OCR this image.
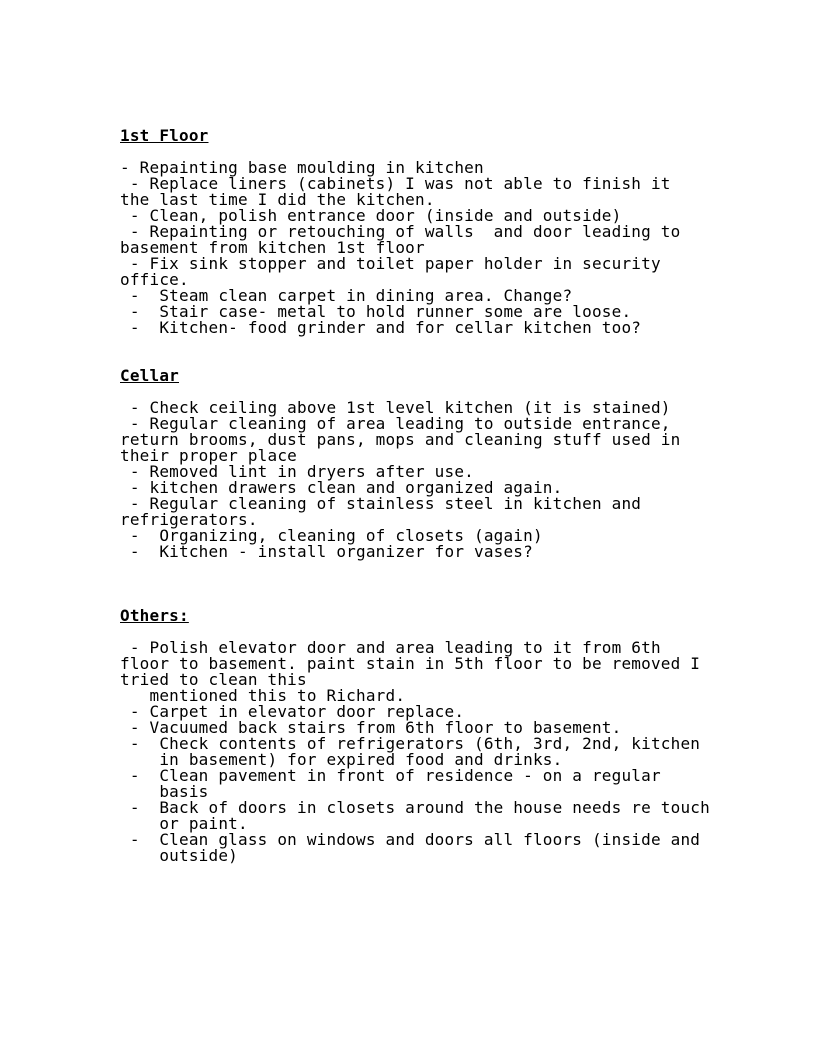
1st Floor
- Repainting base moulding in kitchen
- Replace liners (cabinets) I was not able to finish it
the last time I did the kitchen.
- Clean, polish entrance door (inside and outside)
- Repainting or retouching of walls  and door leading to
basement from kitchen 1st floor
- Fix sink stopper and toilet paper holder in security
office.
-  Steam clean carpet in dining area. Change?
-  Stair case- metal to hold runner some are loose.
-  Kitchen- food grinder and for cellar kitchen too?
Cellar
- Check ceiling above 1st level kitchen (it is stained)
- Regular cleaning of area leading to outside entrance,
return brooms, dust pans, mops and cleaning stuff used in
their proper place
- Removed lint in dryers after use.
- kitchen drawers clean and organized again.
- Regular cleaning of stainless steel in kitchen and
refrigerators.
-  Organizing, cleaning of closets (again)
-  Kitchen - install organizer for vases?
Others:
- Polish elevator door and area leading to it from 6th
floor to basement. paint stain in 5th floor to be removed I
tried to clean this
mentioned this to Richard.
- Carpet in elevator door replace.
- Vacuumed back stairs from 6th floor to basement.
-  Check contents of refrigerators (6th, 3rd, 2nd, kitchen
in basement) for expired food and drinks.
-  Clean pavement in front of residence - on a regular
basis
-  Back of doors in closets around the house needs re touch
or paint.
-  Clean glass on windows and doors all floors (inside and
outside)
